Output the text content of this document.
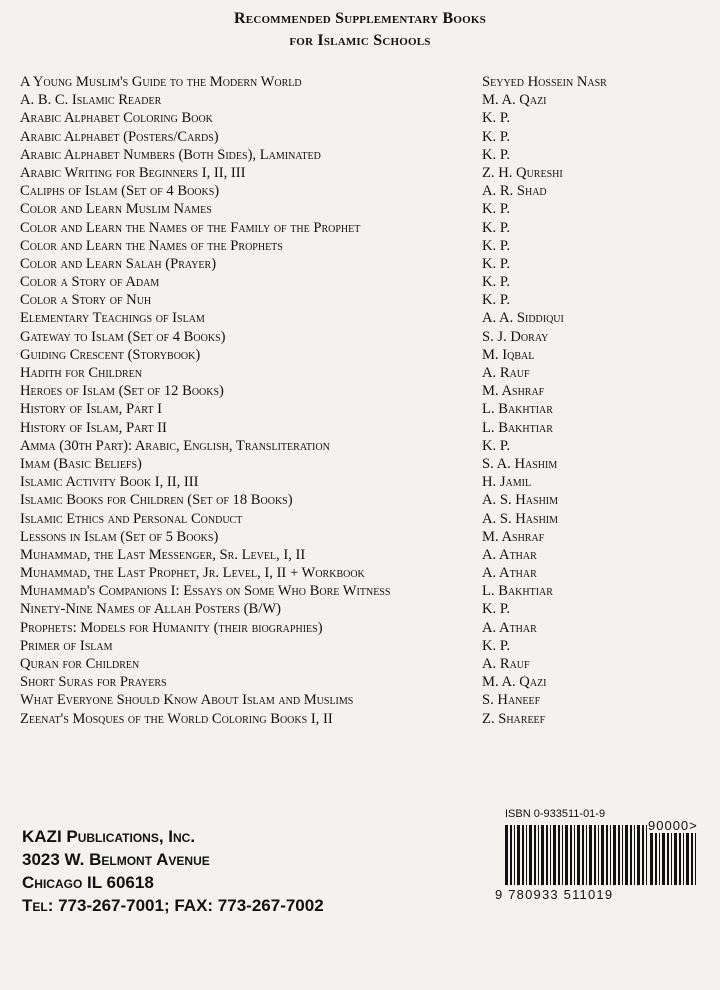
Recommended Supplementary Books
for Islamic Schools
A Young Muslim's Guide to the Modern World	Seyyed Hossein Nasr
A. B. C. Islamic Reader	M. A. Qazi
Arabic Alphabet Coloring Book	K. P.
Arabic Alphabet (Posters/Cards)	K. P.
Arabic Alphabet Numbers (Both Sides), Laminated	K. P.
Arabic Writing for Beginners I, II, III	Z. H. Qureshi
Caliphs of Islam (Set of 4 Books)	A. R. Shad
Color and Learn Muslim Names	K. P.
Color and Learn the Names of the Family of the Prophet	K. P.
Color and Learn the Names of the Prophets	K. P.
Color and Learn Salah (Prayer)	K. P.
Color a Story of Adam	K. P.
Color a Story of Nuh	K. P.
Elementary Teachings of Islam	A. A. Siddiqui
Gateway to Islam (Set of 4 Books)	S. J. Doray
Guiding Crescent (Storybook)	M. Iqbal
Hadith for Children	A. Rauf
Heroes of Islam (Set of 12 Books)	M. Ashraf
History of Islam, Part I	L. Bakhtiar
History of Islam, Part II	L. Bakhtiar
Amma (30th Part): Arabic, English, Transliteration	K. P.
Imam (Basic Beliefs)	S. A. Hashim
Islamic Activity Book I, II, III	H. Jamil
Islamic Books for Children (Set of 18 Books)	A. S. Hashim
Islamic Ethics and Personal Conduct	A. S. Hashim
Lessons in Islam (Set of 5 Books)	M. Ashraf
Muhammad, the Last Messenger, Sr. Level, I, II	A. Athar
Muhammad, the Last Prophet, Jr. Level, I, II + Workbook	A. Athar
Muhammad's Companions I: Essays on Some Who Bore Witness	L. Bakhtiar
Ninety-Nine Names of Allah Posters (B/W)	K. P.
Prophets: Models for Humanity (their biographies)	A. Athar
Primer of Islam	K. P.
Quran for Children	A. Rauf
Short Suras for Prayers	M. A. Qazi
What Everyone Should Know About Islam and Muslims	S. Haneef
Zeenat's Mosques of the World Coloring Books I, II	Z. Shareef
KAZI Publications, Inc.
3023 W. Belmont Avenue
Chicago IL 60618
Tel: 773-267-7001; FAX: 773-267-7002
ISBN 0-933511-01-9
90000>
9 780933 511019
